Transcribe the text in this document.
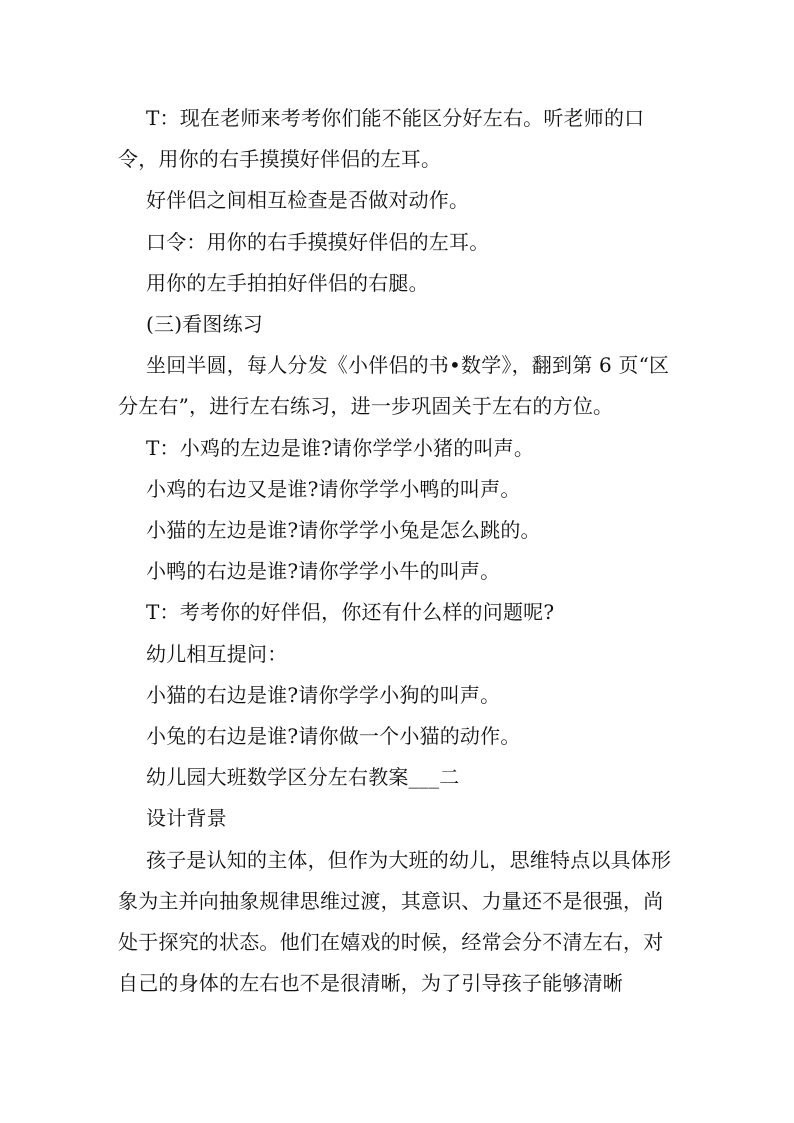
T：现在老师来考考你们能不能区分好左右。听老师的口令，用你的右手摸摸好伴侣的左耳。

好伴侣之间相互检查是否做对动作。

口令：用你的右手摸摸好伴侣的左耳。

用你的左手拍拍好伴侣的右腿。

(三)看图练习

坐回半圆，每人分发《小伴侣的书•数学》，翻到第 6 页“区分左右”，进行左右练习，进一步巩固关于左右的方位。

T：小鸡的左边是谁?请你学学小猪的叫声。

小鸡的右边又是谁?请你学学小鸭的叫声。

小猫的左边是谁?请你学学小兔是怎么跳的。

小鸭的右边是谁?请你学学小牛的叫声。

T：考考你的好伴侣，你还有什么样的问题呢?

幼儿相互提问：

小猫的右边是谁?请你学学小狗的叫声。

小兔的右边是谁?请你做一个小猫的动作。

幼儿园大班数学区分左右教案___二

设计背景

孩子是认知的主体，但作为大班的幼儿，思维特点以具体形象为主并向抽象规律思维过渡，其意识、力量还不是很强，尚处于探究的状态。他们在嬉戏的时候，经常会分不清左右，对自己的身体的左右也不是很清晰，为了引导孩子能够清晰
